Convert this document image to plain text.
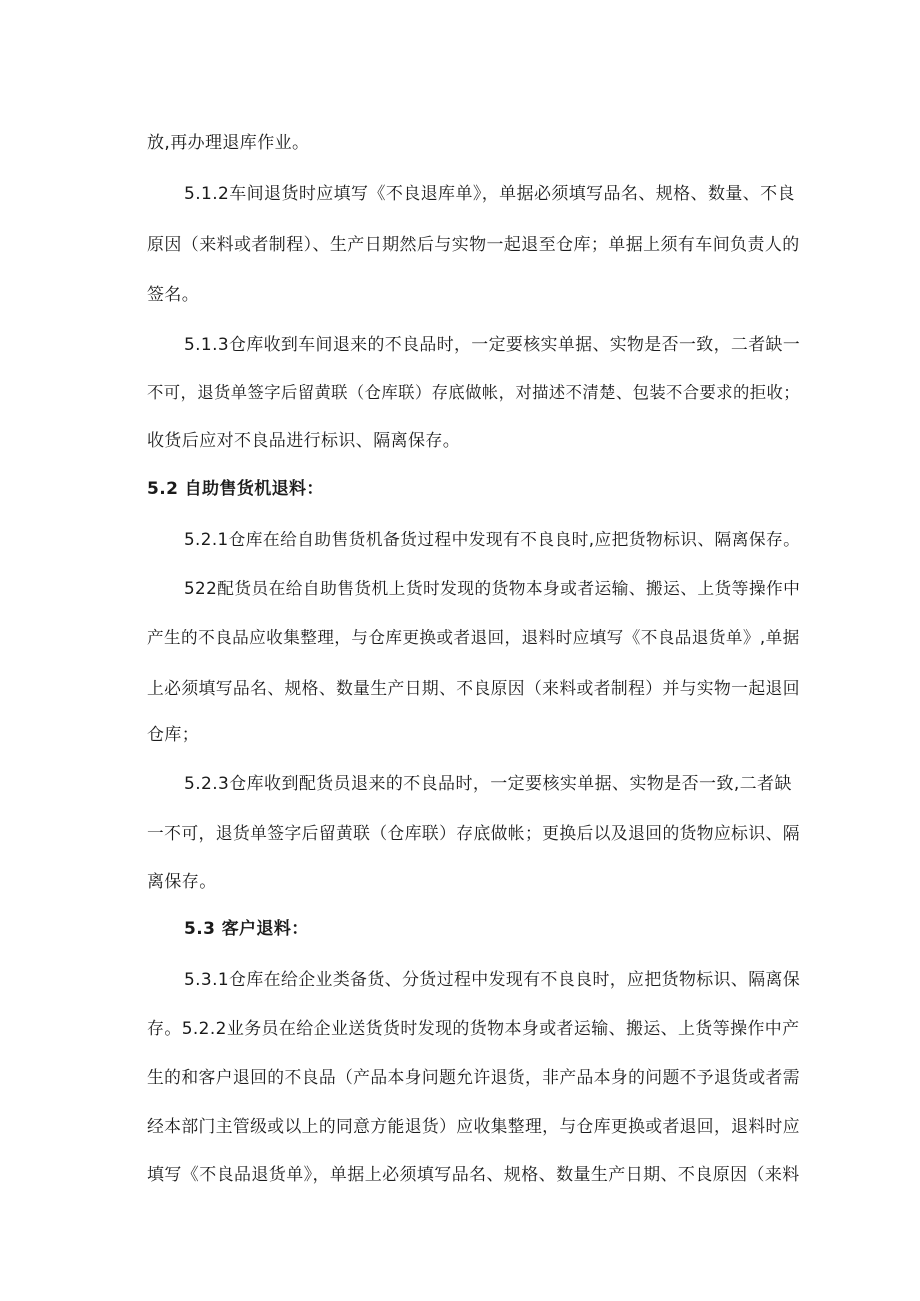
放,再办理退库作业。
5.1.2车间退货时应填写《不良退库单》，单据必须填写品名、规格、数量、不良
原因（来料或者制程）、生产日期然后与实物一起退至仓库；单据上须有车间负责人的
签名。
5.1.3仓库收到车间退来的不良品时，一定要核实单据、实物是否一致，二者缺一
不可，退货单签字后留黄联（仓库联）存底做帐，对描述不清楚、包装不合要求的拒收；
收货后应对不良品进行标识、隔离保存。
5.2 自助售货机退料：
5.2.1仓库在给自助售货机备货过程中发现有不良良时,应把货物标识、隔离保存。
522配货员在给自助售货机上货时发现的货物本身或者运输、搬运、上货等操作中
产生的不良品应收集整理，与仓库更换或者退回，退料时应填写《不良品退货单》,单据
上必须填写品名、规格、数量生产日期、不良原因（来料或者制程）并与实物一起退回
仓库；
5.2.3仓库收到配货员退来的不良品时，一定要核实单据、实物是否一致,二者缺
一不可，退货单签字后留黄联（仓库联）存底做帐；更换后以及退回的货物应标识、隔
离保存。
5.3 客户退料：
5.3.1仓库在给企业类备货、分货过程中发现有不良良时，应把货物标识、隔离保
存。5.2.2业务员在给企业送货货时发现的货物本身或者运输、搬运、上货等操作中产
生的和客户退回的不良品（产品本身问题允许退货，非产品本身的问题不予退货或者需
经本部门主管级或以上的同意方能退货）应收集整理，与仓库更换或者退回，退料时应
填写《不良品退货单》，单据上必须填写品名、规格、数量生产日期、不良原因（来料
